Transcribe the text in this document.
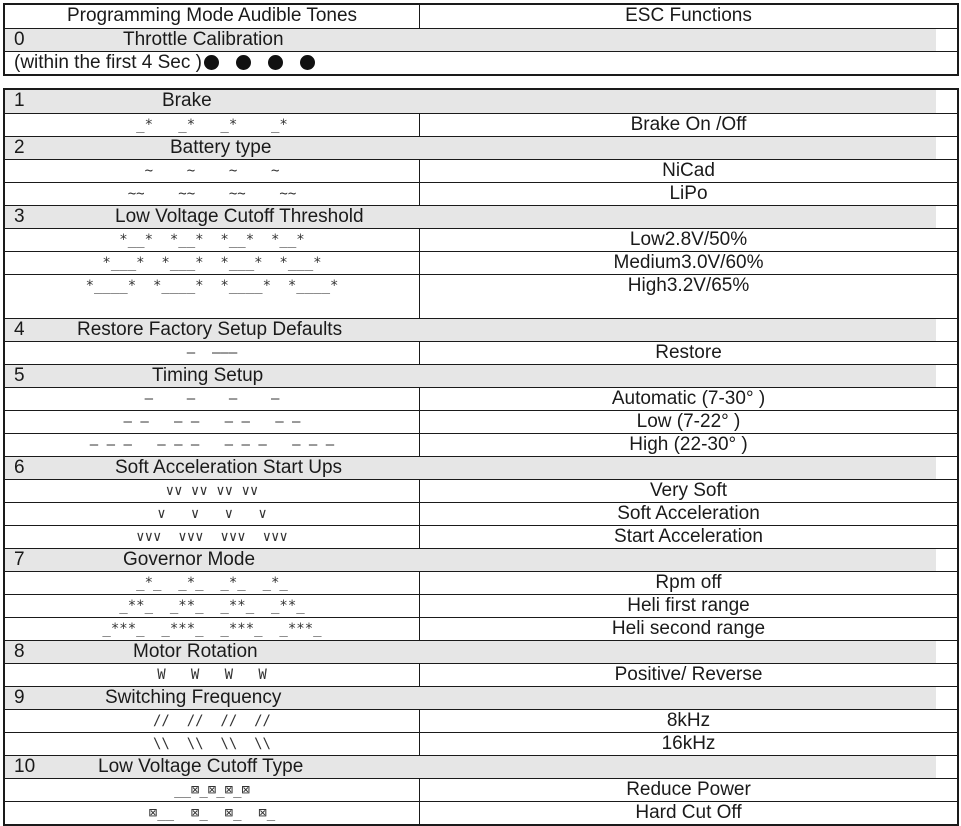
Programming Mode Audible Tones	ESC Functions
0	Throttle Calibration
(within the first 4 Sec )
1	Brake
_*   _*   _*    _*	Brake On /Off
2	Battery type
~    ~    ~    ~	NiCad
~~    ~~    ~~    ~~	LiPo
3	Low Voltage Cutoff Threshold
*__*  *__*  *__*  *__*	Low2.8V/50%
*___*  *___*  *___*  *___*	Medium3.0V/60%
*____*  *____*  *____*  *____*	High3.2V/65%
4	Restore Factory Setup Defaults
—  ———	Restore
5	Timing Setup
–    –    –    –	Automatic (7-30° )
– –   – –   – –   – –	Low (7-22° )
– – –   – – –   – – –   – – –	High (22-30° )
6	Soft Acceleration Start Ups
∨∨ ∨∨ ∨∨ ∨∨	Very Soft
∨   ∨   ∨   ∨	Soft Acceleration
∨∨∨  ∨∨∨  ∨∨∨  ∨∨∨	Start Acceleration
7	Governor Mode
_*_  _*_  _*_  _*_	Rpm off
_**_  _**_  _**_  _**_	Heli first range
_***_  _***_  _***_  _***_	Heli second range
8	Motor Rotation
W   W   W   W	Positive/ Reverse
9	Switching Frequency
//  //  //  //	8kHz
\\  \\  \\  \\	16kHz
10	Low Voltage Cutoff Type
__⊠_⊠_⊠_⊠	Reduce Power
⊠__  ⊠_  ⊠_  ⊠_	Hard Cut Off
